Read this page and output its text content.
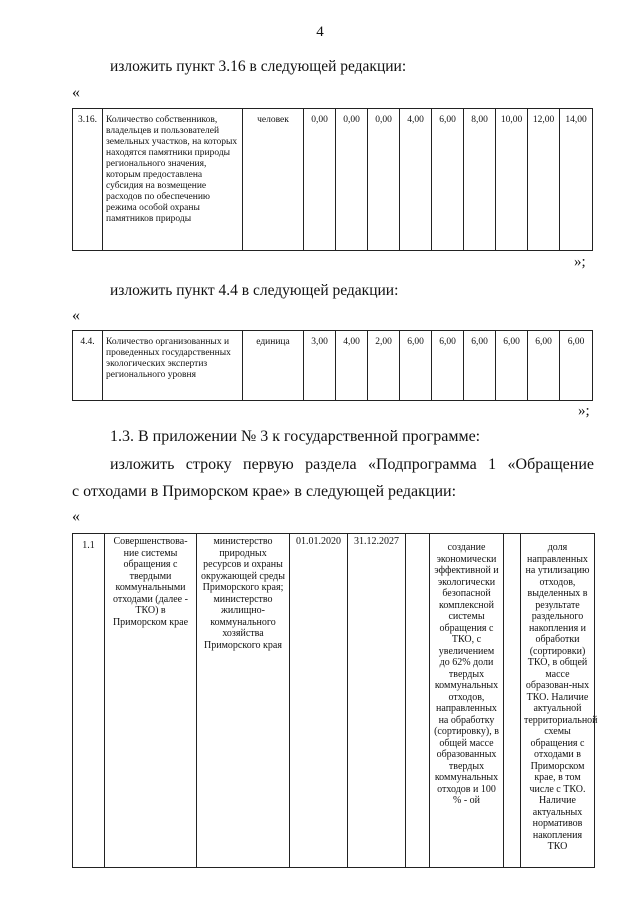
4
изложить пункт 3.16 в следующей редакции:
«
3.16.	Количество собственников, владельцев и пользователей земельных участков, на которых находятся памятники природы регионального значения, которым предоставлена субсидия на возмещение расходов по обеспечению режима особой охраны памятников природы	человек	0,00	0,00	0,00	4,00	6,00	8,00	10,00	12,00	14,00
»;
изложить пункт 4.4 в следующей редакции:
«
4.4.	Количество организованных и проведенных государственных экологических экспертиз регионального уровня	единица	3,00	4,00	2,00	6,00	6,00	6,00	6,00	6,00	6,00
»;
1.3. В приложении № 3 к государственной программе:
изложить строку первую раздела «Подпрограмма 1 «Обращение
с отходами в Приморском крае» в следующей редакции:
«
1.1	Совершенствова-ние системы обращения с твердыми коммунальными отходами (далее - ТКО) в Приморском крае	министерство природных ресурсов и охраны окружающей среды Приморского края; министерство жилищно-коммунального хозяйства Приморского края	01.01.2020	31.12.2027		создание экономически эффективной и экологически безопасной комплексной системы обращения с ТКО, с увеличением до 62% доли твердых коммунальных отходов, направленных на обработку (сортировку), в общей массе образованных твердых коммунальных отходов и 100 % - ой		доля направленных на утилизацию отходов, выделенных в результате раздельного накопления и обработки (сортировки) ТКО, в общей массе образован-ных ТКО. Наличие актуальной территориальной схемы обращения с отходами в Приморском крае, в том числе с ТКО. Наличие актуальных нормативов накопления ТКО
